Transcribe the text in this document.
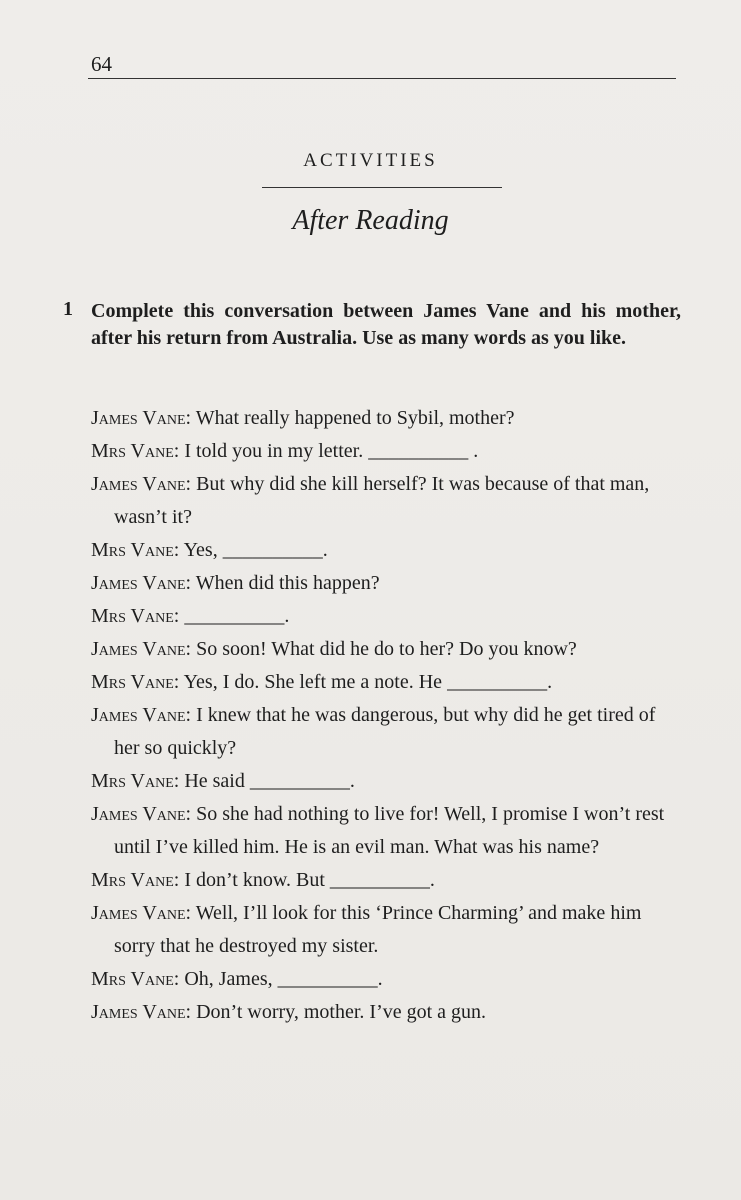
64
ACTIVITIES
After Reading
1 Complete this conversation between James Vane and his mother, after his return from Australia. Use as many words as you like.
James Vane: What really happened to Sybil, mother?
Mrs Vane: I told you in my letter. __________ .
James Vane: But why did she kill herself? It was because of that man, wasn’t it?
Mrs Vane: Yes, __________.
James Vane: When did this happen?
Mrs Vane: __________.
James Vane: So soon! What did he do to her? Do you know?
Mrs Vane: Yes, I do. She left me a note. He __________.
James Vane: I knew that he was dangerous, but why did he get tired of her so quickly?
Mrs Vane: He said __________.
James Vane: So she had nothing to live for! Well, I promise I won’t rest until I’ve killed him. He is an evil man. What was his name?
Mrs Vane: I don’t know. But __________.
James Vane: Well, I’ll look for this ‘Prince Charming’ and make him sorry that he destroyed my sister.
Mrs Vane: Oh, James, __________.
James Vane: Don’t worry, mother. I’ve got a gun.
